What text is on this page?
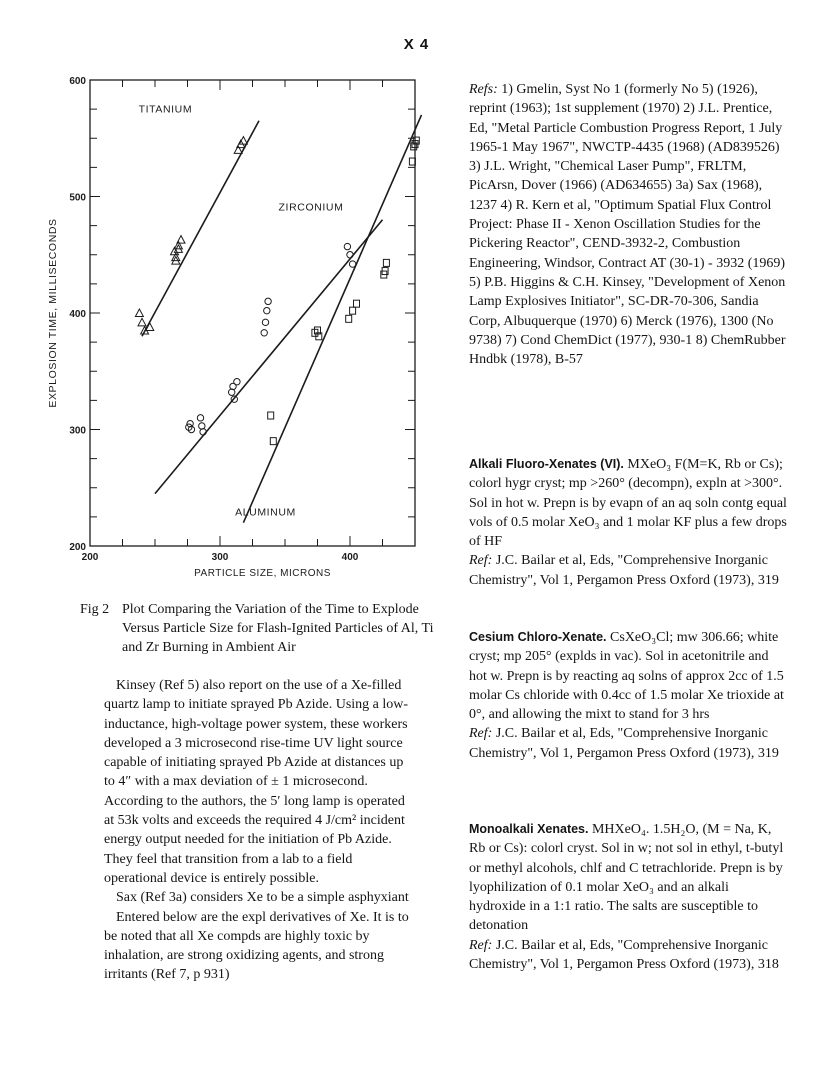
X 4
200	300	400
200
300
400
500
600
PARTICLE SIZE, MICRONS
EXPLOSION TIME, MILLISECONDS
TITANIUM
ZIRCONIUM
ALUMINUM
Fig 2 Plot Comparing the Variation of the Time to Explode Versus Particle Size for Flash-Ignited Particles of Al, Ti and Zr Burning in Ambient Air

Kinsey (Ref 5) also report on the use of a Xe-filled quartz lamp to initiate sprayed Pb Azide. Using a low-inductance, high-voltage power system, these workers developed a 3 microsecond rise-time UV light source capable of initiating sprayed Pb Azide at distances up to 4″ with a max deviation of ± 1 microsecond. According to the authors, the 5′ long lamp is operated at 53k volts and exceeds the required 4 J/cm² incident energy output needed for the initiation of Pb Azide. They feel that transition from a lab to a field operational device is entirely possible.

Sax (Ref 3a) considers Xe to be a simple asphyxiant

Entered below are the expl derivatives of Xe. It is to be noted that all Xe compds are highly toxic by inhalation, are strong oxidizing agents, and strong irritants (Ref 7, p 931)

Refs: 1) Gmelin, Syst No 1 (formerly No 5) (1926), reprint (1963); 1st supplement (1970) 2) J.L. Prentice, Ed, "Metal Particle Combustion Progress Report, 1 July 1965-1 May 1967", NWCTP-4435 (1968) (AD839526) 3) J.L. Wright, "Chemical Laser Pump", FRLTM, PicArsn, Dover (1966) (AD634655) 3a) Sax (1968), 1237 4) R. Kern et al, "Optimum Spatial Flux Control Project: Phase II - Xenon Oscillation Studies for the Pickering Reactor", CEND-3932-2, Combustion Engineering, Windsor, Contract AT (30-1) - 3932 (1969) 5) P.B. Higgins & C.H. Kinsey, "Development of Xenon Lamp Explosives Initiator", SC-DR-70-306, Sandia Corp, Albuquerque (1970) 6) Merck (1976), 1300 (No 9738) 7) Cond ChemDict (1977), 930-1 8) ChemRubber Hndbk (1978), B-57

Alkali Fluoro-Xenates (VI). MXeO₃ F(M=K, Rb or Cs); colorl hygr cryst; mp >260° (decompn), expln at >300°. Sol in hot w. Prepn is by evapn of an aq soln contg equal vols of 0.5 molar XeO₃ and 1 molar KF plus a few drops of HF

Ref: J.C. Bailar et al, Eds, "Comprehensive Inorganic Chemistry", Vol 1, Pergamon Press Oxford (1973), 319

Cesium Chloro-Xenate. CsXeO₃Cl; mw 306.66; white cryst; mp 205° (explds in vac). Sol in acetonitrile and hot w. Prepn is by reacting aq solns of approx 2cc of 1.5 molar Cs chloride with 0.4cc of 1.5 molar Xe trioxide at 0°, and allowing the mixt to stand for 3 hrs

Ref: J.C. Bailar et al, Eds, "Comprehensive Inorganic Chemistry", Vol 1, Pergamon Press Oxford (1973), 319

Monoalkali Xenates. MHXeO₄. 1.5H₂O, (M = Na, K, Rb or Cs): colorl cryst. Sol in w; not sol in ethyl, t-butyl or methyl alcohols, chlf and C tetrachloride. Prepn is by lyophilization of 0.1 molar XeO₃ and an alkali hydroxide in a 1:1 ratio. The salts are susceptible to detonation

Ref: J.C. Bailar et al, Eds, "Comprehensive Inorganic Chemistry", Vol 1, Pergamon Press Oxford (1973), 318
